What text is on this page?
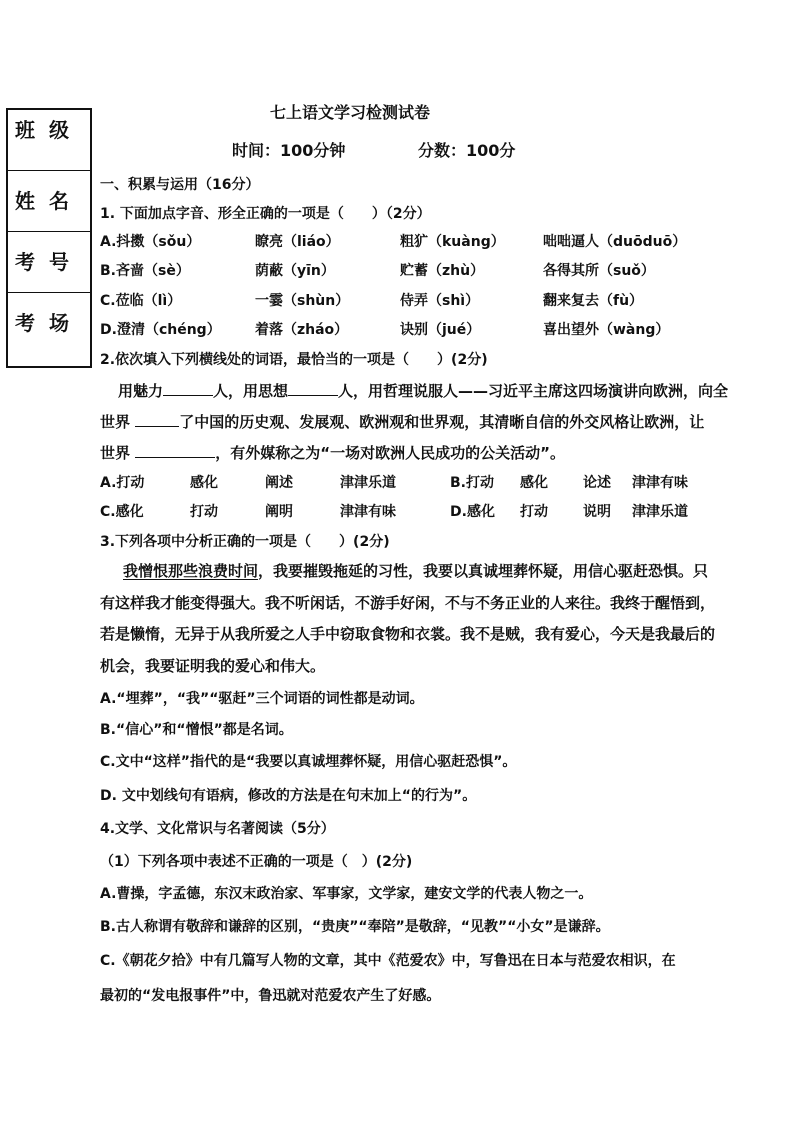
班级
姓名
考号
考场
七上语文学习检测试卷
时间：100分钟	分数：100分
一、积累与运用（16分）
1. 下面加点字音、形全正确的一项是（　　）（2分）
A.抖擞（sǒu）	瞭亮（liáo）	粗犷（kuàng）	咄咄逼人（duōduō）
B.吝啬（sè）	荫蔽（yīn）	贮蓄（zhù）	各得其所（suǒ）
C.莅临（lì）	一霎（shùn）	侍弄（shì）	翻来复去（fù）
D.澄清（chéng） 着落（zháo）	诀别（jué）	喜出望外（wàng）
2.依次填入下列横线处的词语，最恰当的一项是（　　）(2分)
用魅力	人，用思想	人，用哲理说服人——习近平主席这四场演讲向欧洲，向全
世界	了中国的历史观、发展观、欧洲观和世界观，其清晰自信的外交风格让欧洲，让
世界	，有外媒称之为“一场对欧洲人民成功的公关活动”。
A.打动	感化	阐述	津津乐道	B.打动 感化	论述 津津有味
C.感化	打动	阐明	津津有味	D.感化 打动	说明 津津乐道
3.下列各项中分析正确的一项是（　　）(2分)
我憎恨那些浪费时间，我要摧毁拖延的习性，我要以真诚埋葬怀疑，用信心驱赶恐惧。只
有这样我才能变得强大。我不听闲话，不游手好闲，不与不务正业的人来往。我终于醒悟到，
若是懒惰，无异于从我所爱之人手中窃取食物和衣裳。我不是贼，我有爱心，今天是我最后的
机会，我要证明我的爱心和伟大。
A.“埋葬”，“我”“驱赶”三个词语的词性都是动词。
B.“信心”和“憎恨”都是名词。
C.文中“这样”指代的是“我要以真诚埋葬怀疑，用信心驱赶恐惧”。
D. 文中划线句有语病，修改的方法是在句末加上“的行为”。
4.文学、文化常识与名著阅读（5分）
（1）下列各项中表述不正确的一项是（　）(2分)
A.曹操，字孟德，东汉末政治家、军事家，文学家，建安文学的代表人物之一。
B.古人称谓有敬辞和谦辞的区别，“贵庚”“奉陪”是敬辞，“见教”“小女”是谦辞。
C.《朝花夕拾》中有几篇写人物的文章，其中《范爱农》中，写鲁迅在日本与范爱农相识，在
最初的“发电报事件”中，鲁迅就对范爱农产生了好感。
